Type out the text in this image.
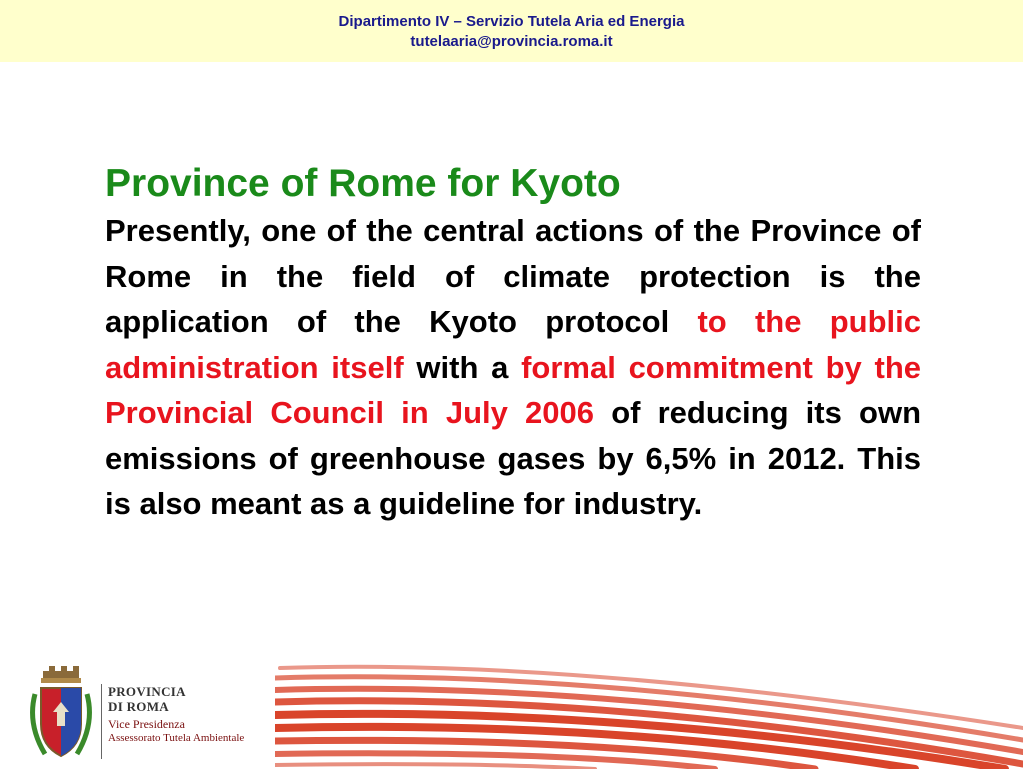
Dipartimento IV – Servizio Tutela Aria ed Energia
tutelaaria@provincia.roma.it
Province of Rome for Kyoto

Presently, one of the central actions of the Province of Rome in the field of climate protection is the application of the Kyoto protocol to the public administration itself with a formal commitment by the Provincial Council in July 2006 of reducing its own emissions of greenhouse gases by 6,5% in 2012. This is also meant as a guideline for industry.

PROVINCIA
DI ROMA
Vice Presidenza
Assessorato Tutela Ambientale
